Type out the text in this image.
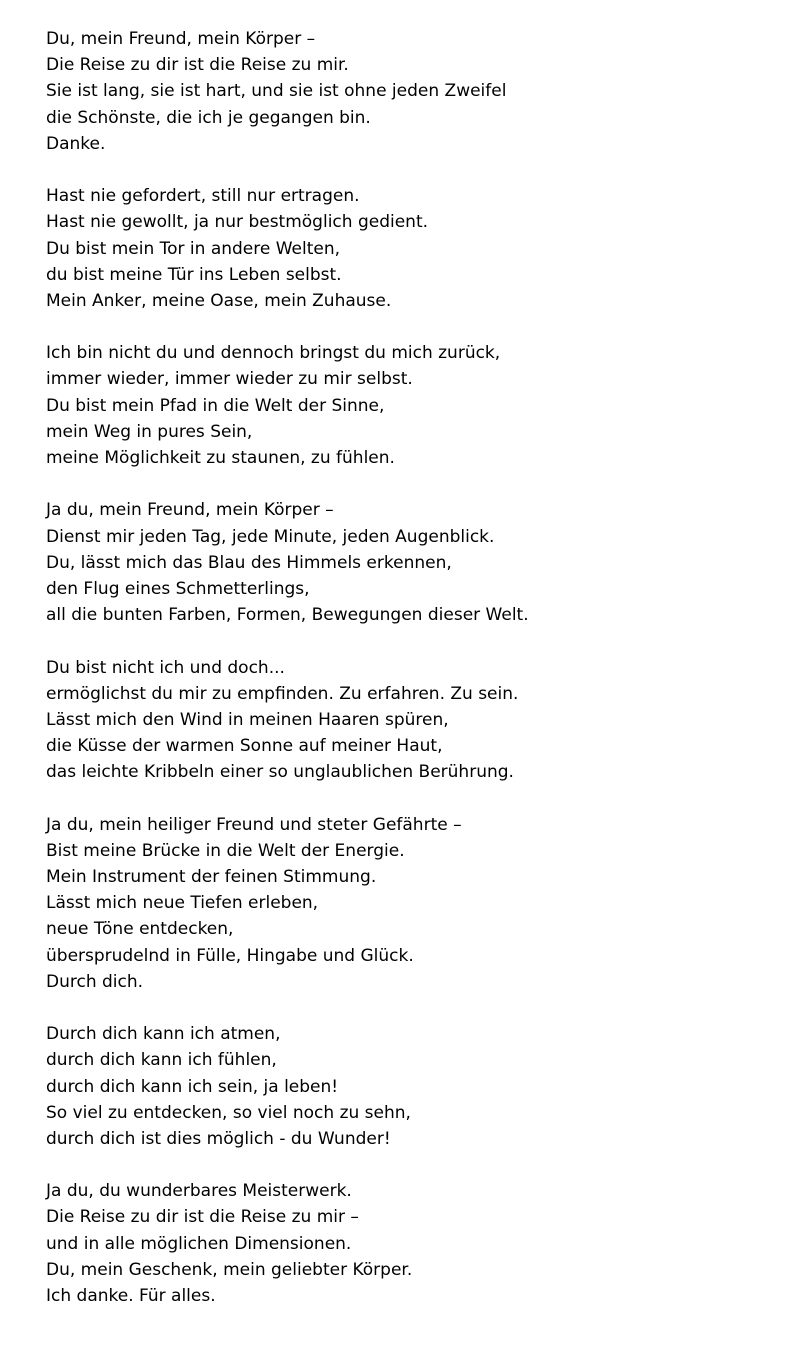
Du, mein Freund, mein Körper –
Die Reise zu dir ist die Reise zu mir.
Sie ist lang, sie ist hart, und sie ist ohne jeden Zweifel
die Schönste, die ich je gegangen bin.
Danke.
Hast nie gefordert, still nur ertragen.
Hast nie gewollt, ja nur bestmöglich gedient.
Du bist mein Tor in andere Welten,
du bist meine Tür ins Leben selbst.
Mein Anker, meine Oase, mein Zuhause.
Ich bin nicht du und dennoch bringst du mich zurück,
immer wieder, immer wieder zu mir selbst.
Du bist mein Pfad in die Welt der Sinne,
mein Weg in pures Sein,
meine Möglichkeit zu staunen, zu fühlen.
Ja du, mein Freund, mein Körper –
Dienst mir jeden Tag, jede Minute, jeden Augenblick.
Du, lässt mich das Blau des Himmels erkennen,
den Flug eines Schmetterlings,
all die bunten Farben, Formen, Bewegungen dieser Welt.
Du bist nicht ich und doch...
ermöglichst du mir zu empfinden. Zu erfahren. Zu sein.
Lässt mich den Wind in meinen Haaren spüren,
die Küsse der warmen Sonne auf meiner Haut,
das leichte Kribbeln einer so unglaublichen Berührung.
Ja du, mein heiliger Freund und steter Gefährte –
Bist meine Brücke in die Welt der Energie.
Mein Instrument der feinen Stimmung.
Lässt mich neue Tiefen erleben,
neue Töne entdecken,
übersprudelnd in Fülle, Hingabe und Glück.
Durch dich.
Durch dich kann ich atmen,
durch dich kann ich fühlen,
durch dich kann ich sein, ja leben!
So viel zu entdecken, so viel noch zu sehn,
durch dich ist dies möglich - du Wunder!
Ja du, du wunderbares Meisterwerk.
Die Reise zu dir ist die Reise zu mir –
und in alle möglichen Dimensionen.
Du, mein Geschenk, mein geliebter Körper.
Ich danke. Für alles.
